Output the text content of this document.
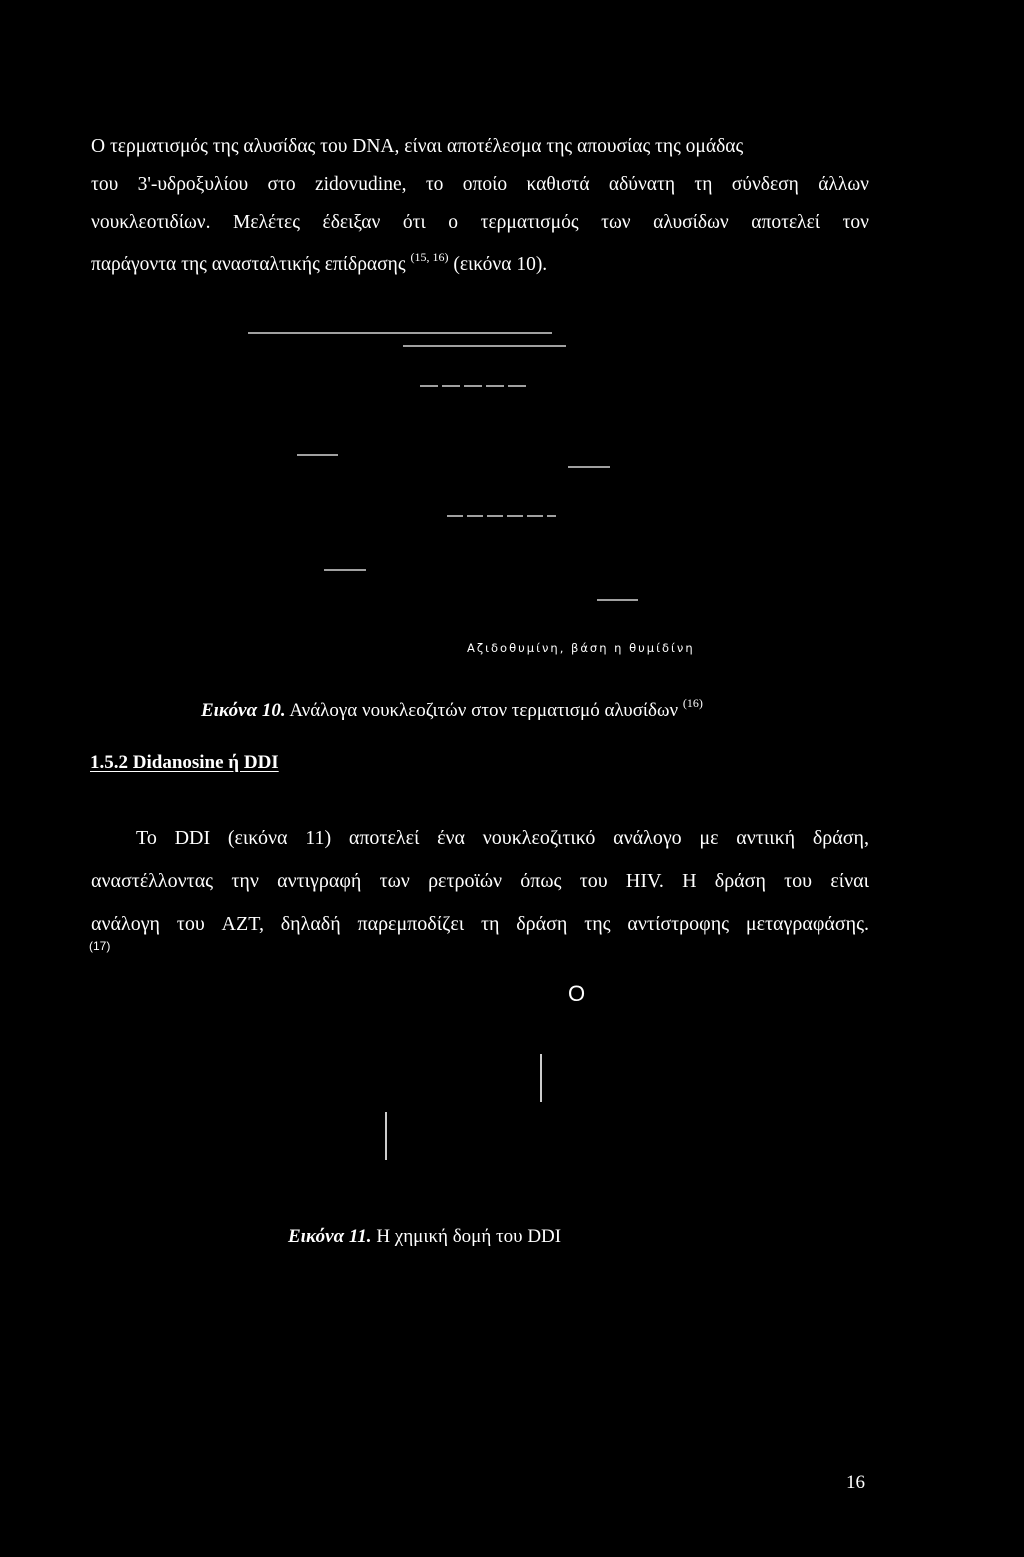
Ο τερματισμός της αλυσίδας του DNA, είναι αποτέλεσμα της απουσίας της ομάδας
του 3'-υδροξυλίου στο zidovudine, το οποίο καθιστά αδύνατη τη σύνδεση άλλων
νουκλεοτιδίων. Μελέτες έδειξαν ότι ο τερματισμός των αλυσίδων αποτελεί τον
παράγοντα της ανασταλτικής επίδρασης $^{(15, 16)}$ (εικόνα 10).
Αζιδοθυμίνη, βάση η θυμίδίνη
Εικόνα 10. Ανάλογα νουκλεοζιτών στον τερματισμό αλυσίδων $^{(16)}$
1.5.2 Didanosine ή DDI
Το DDI (εικόνα 11) αποτελεί ένα νουκλεοζιτικό ανάλογο με αντιική δράση,
αναστέλλοντας την αντιγραφή των ρετροϊών όπως του HIV. Η δράση του είναι
ανάλογη του AZT, δηλαδή παρεμποδίζει τη δράση της αντίστροφης μεταγραφάσης.
(17)
O
Εικόνα 11. Η χημική δομή του DDI
16
